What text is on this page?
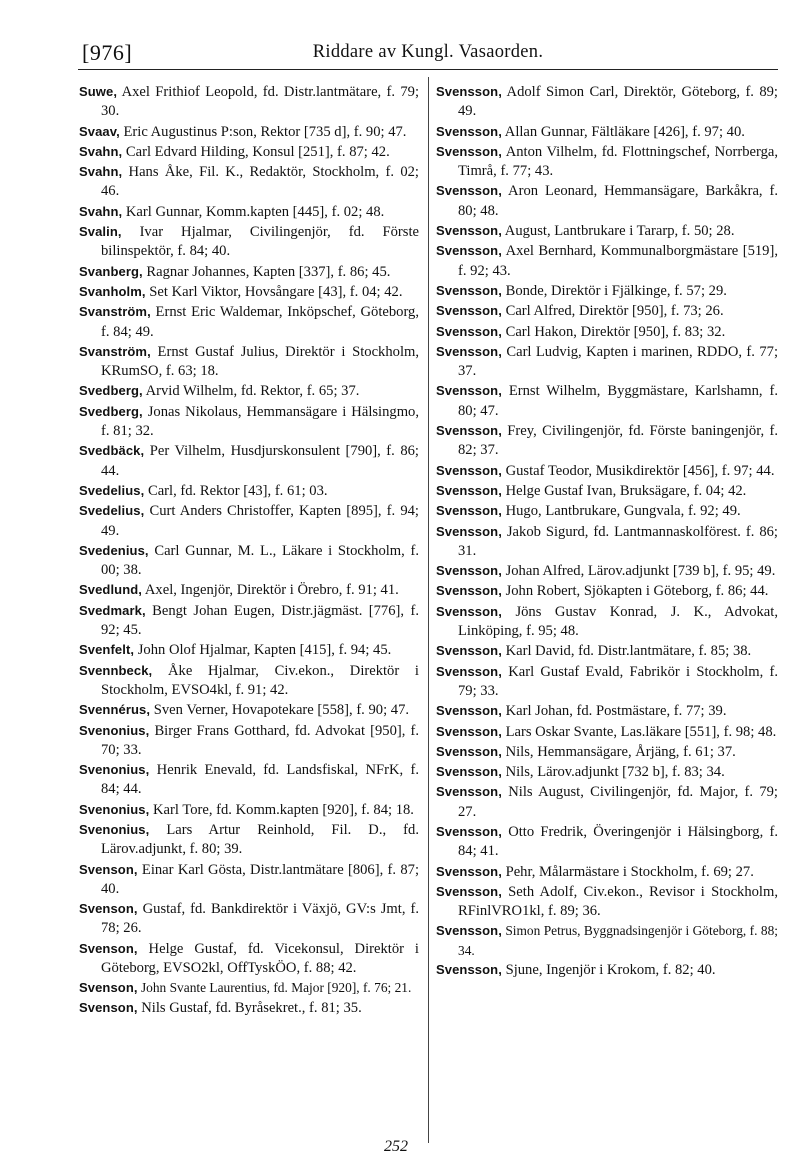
[976]	Riddare av Kungl. Vasaorden.

Suwe, Axel Frithiof Leopold, fd. Distr.lantmätare, f. 79; 30.

Svaav, Eric Augustinus P:son, Rektor [735 d], f. 90; 47.

Svahn, Carl Edvard Hilding, Konsul [251], f. 87; 42.

Svahn, Hans Åke, Fil. K., Redaktör, Stockholm, f. 02; 46.

Svahn, Karl Gunnar, Komm.kapten [445], f. 02; 48.

Svalin, Ivar Hjalmar, Civilingenjör, fd. Förste bilinspektör, f. 84; 40.

Svanberg, Ragnar Johannes, Kapten [337], f. 86; 45.

Svanholm, Set Karl Viktor, Hovsångare [43], f. 04; 42.

Svanström, Ernst Eric Waldemar, Inköpschef, Göteborg, f. 84; 49.

Svanström, Ernst Gustaf Julius, Direktör i Stockholm, KRumSO, f. 63; 18.

Svedberg, Arvid Wilhelm, fd. Rektor, f. 65; 37.

Svedberg, Jonas Nikolaus, Hemmansägare i Hälsingmo, f. 81; 32.

Svedbäck, Per Vilhelm, Husdjurskonsulent [790], f. 86; 44.

Svedelius, Carl, fd. Rektor [43], f. 61; 03.

Svedelius, Curt Anders Christoffer, Kapten [895], f. 94; 49.

Svedenius, Carl Gunnar, M. L., Läkare i Stockholm, f. 00; 38.

Svedlund, Axel, Ingenjör, Direktör i Örebro, f. 91; 41.

Svedmark, Bengt Johan Eugen, Distr.jägmäst. [776], f. 92; 45.

Svenfelt, John Olof Hjalmar, Kapten [415], f. 94; 45.

Svennbeck, Åke Hjalmar, Civ.ekon., Direktör i Stockholm, EVSO4kl, f. 91; 42.

Svennérus, Sven Verner, Hovapotekare [558], f. 90; 47.

Svenonius, Birger Frans Gotthard, fd. Advokat [950], f. 70; 33.

Svenonius, Henrik Enevald, fd. Landsfiskal, NFrK, f. 84; 44.

Svenonius, Karl Tore, fd. Komm.kapten [920], f. 84; 18.

Svenonius, Lars Artur Reinhold, Fil. D., fd. Lärov.adjunkt, f. 80; 39.

Svenson, Einar Karl Gösta, Distr.lantmätare [806], f. 87; 40.

Svenson, Gustaf, fd. Bankdirektör i Växjö, GV:s Jmt, f. 78; 26.

Svenson, Helge Gustaf, fd. Vicekonsul, Direktör i Göteborg, EVSO2kl, OffTyskÖO, f. 88; 42.

Svenson, John Svante Laurentius, fd. Major [920], f. 76; 21.

Svenson, Nils Gustaf, fd. Byråsekret., f. 81; 35.

Svensson, Adolf Simon Carl, Direktör, Göteborg, f. 89; 49.

Svensson, Allan Gunnar, Fältläkare [426], f. 97; 40.

Svensson, Anton Vilhelm, fd. Flottningschef, Norrberga, Timrå, f. 77; 43.

Svensson, Aron Leonard, Hemmansägare, Barkåkra, f. 80; 48.

Svensson, August, Lantbrukare i Tararp, f. 50; 28.

Svensson, Axel Bernhard, Kommunalborgmästare [519], f. 92; 43.

Svensson, Bonde, Direktör i Fjälkinge, f. 57; 29.

Svensson, Carl Alfred, Direktör [950], f. 73; 26.

Svensson, Carl Hakon, Direktör [950], f. 83; 32.

Svensson, Carl Ludvig, Kapten i marinen, RDDO, f. 77; 37.

Svensson, Ernst Wilhelm, Byggmästare, Karlshamn, f. 80; 47.

Svensson, Frey, Civilingenjör, fd. Förste baningenjör, f. 82; 37.

Svensson, Gustaf Teodor, Musikdirektör [456], f. 97; 44.

Svensson, Helge Gustaf Ivan, Bruksägare, f. 04; 42.

Svensson, Hugo, Lantbrukare, Gungvala, f. 92; 49.

Svensson, Jakob Sigurd, fd. Lantmannaskolförest. f. 86; 31.

Svensson, Johan Alfred, Lärov.adjunkt [739 b], f. 95; 49.

Svensson, John Robert, Sjökapten i Göteborg, f. 86; 44.

Svensson, Jöns Gustav Konrad, J. K., Advokat, Linköping, f. 95; 48.

Svensson, Karl David, fd. Distr.lantmätare, f. 85; 38.

Svensson, Karl Gustaf Evald, Fabrikör i Stockholm, f. 79; 33.

Svensson, Karl Johan, fd. Postmästare, f. 77; 39.

Svensson, Lars Oskar Svante, Las.läkare [551], f. 98; 48.

Svensson, Nils, Hemmansägare, Årjäng, f. 61; 37.

Svensson, Nils, Lärov.adjunkt [732 b], f. 83; 34.

Svensson, Nils August, Civilingenjör, fd. Major, f. 79; 27.

Svensson, Otto Fredrik, Överingenjör i Hälsingborg, f. 84; 41.

Svensson, Pehr, Målarmästare i Stockholm, f. 69; 27.

Svensson, Seth Adolf, Civ.ekon., Revisor i Stockholm, RFinlVRO1kl, f. 89; 36.

Svensson, Simon Petrus, Byggnadsingenjör i Göteborg, f. 88; 34.

Svensson, Sjune, Ingenjör i Krokom, f. 82; 40.

252
